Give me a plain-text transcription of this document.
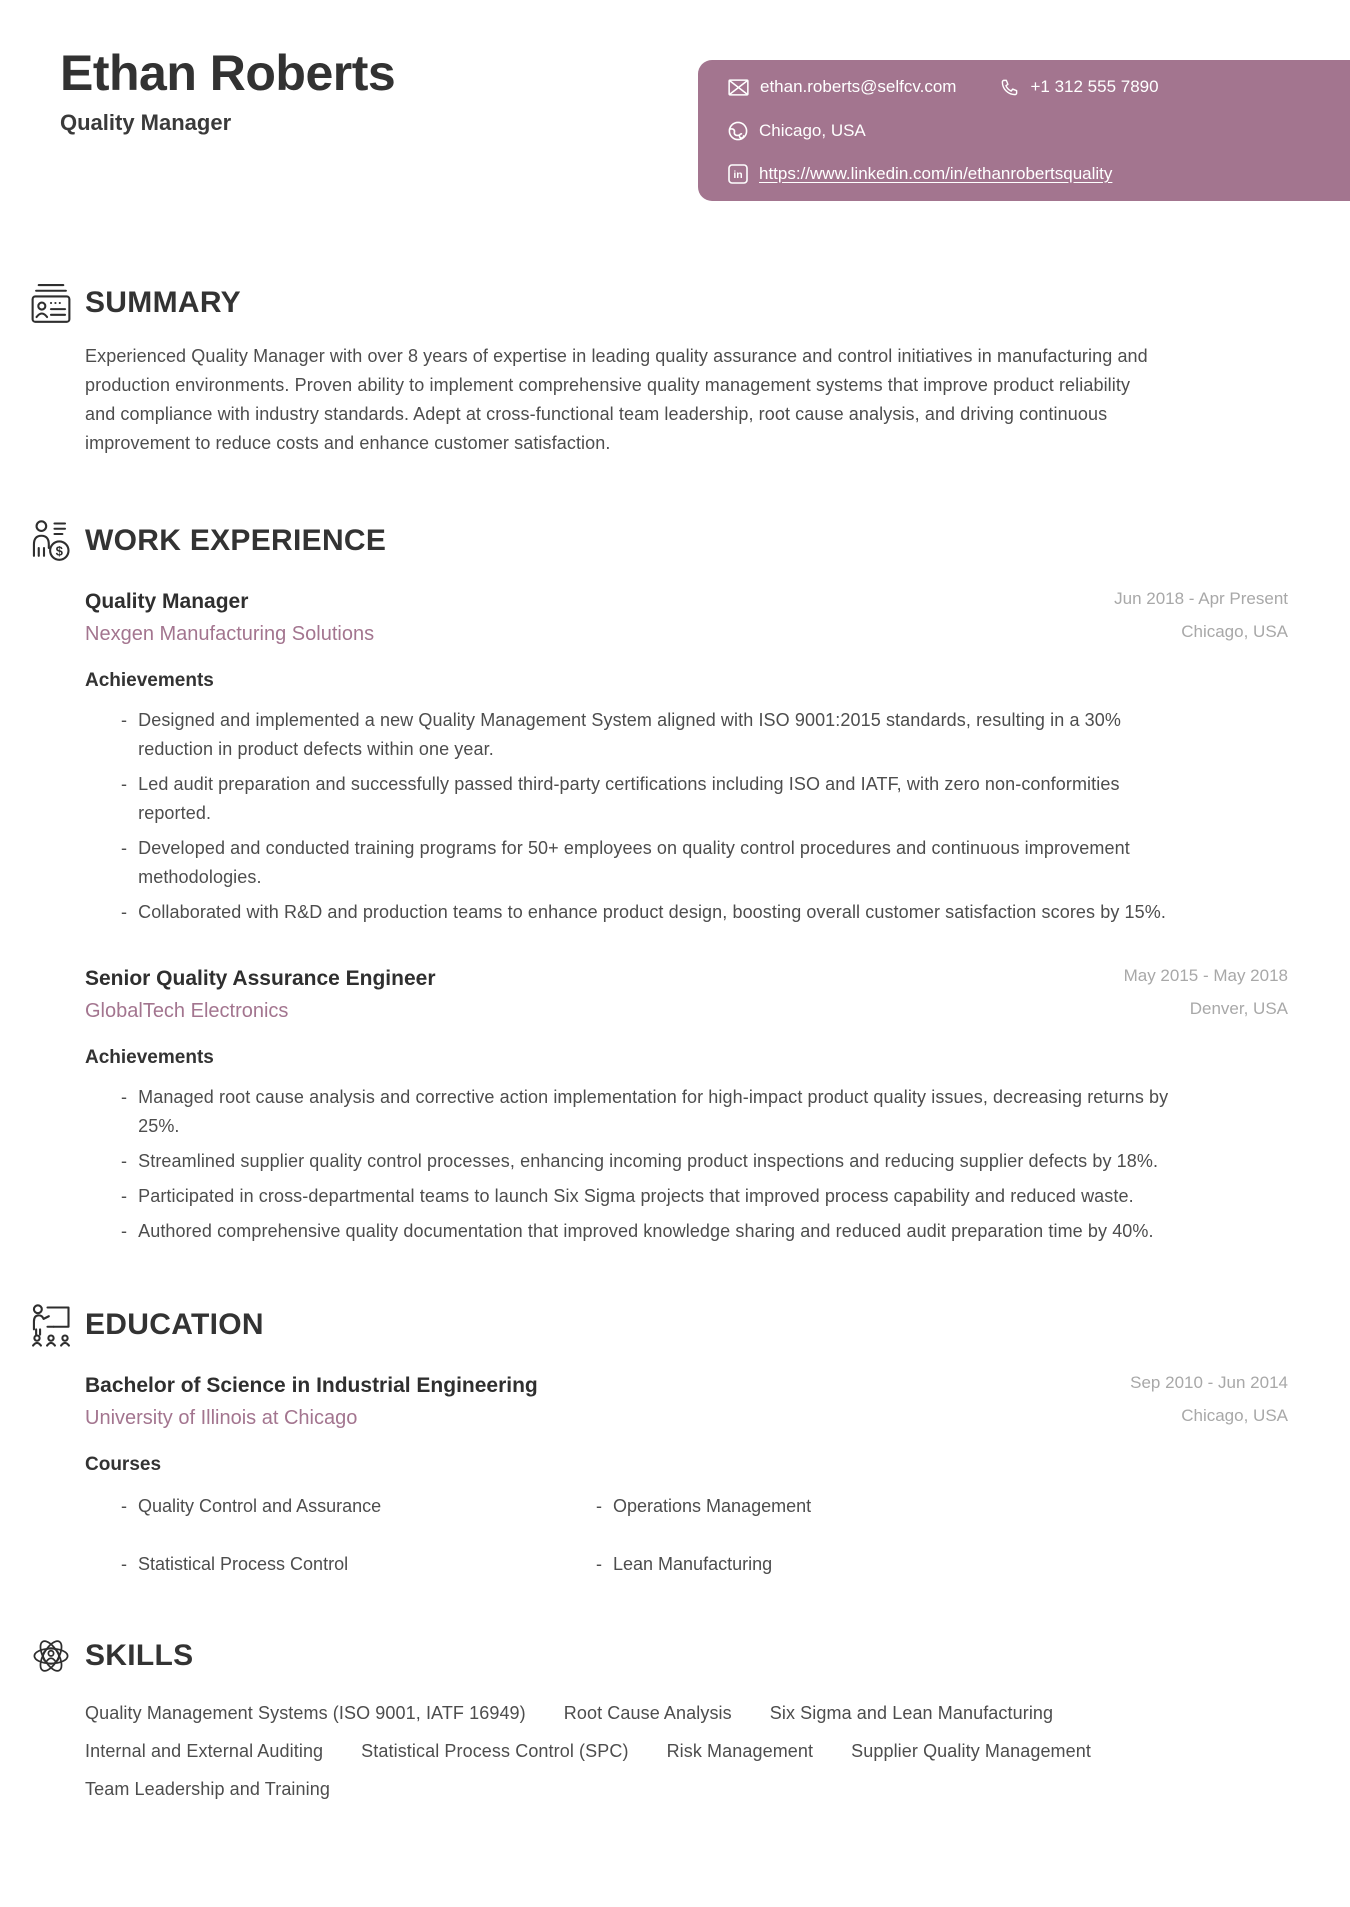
Ethan Roberts
Quality Manager
ethan.roberts@selfcv.com	+1 312 555 7890
Chicago, USA
in https://www.linkedin.com/in/ethanrobertsquality
SUMMARY

Experienced Quality Manager with over 8 years of expertise in leading quality assurance and control initiatives in manufacturing and production environments. Proven ability to implement comprehensive quality management systems that improve product reliability and compliance with industry standards. Adept at cross-functional team leadership, root cause analysis, and driving continuous improvement to reduce costs and enhance customer satisfaction.

$ WORK EXPERIENCE
Quality Manager
Nexgen Manufacturing Solutions
Jun 2018 - Apr Present
Chicago, USA
Achievements
- Designed and implemented a new Quality Management System aligned with ISO 9001:2015 standards, resulting in a 30% reduction in product defects within one year.
- Led audit preparation and successfully passed third-party certifications including ISO and IATF, with zero non-conformities reported.
- Developed and conducted training programs for 50+ employees on quality control procedures and continuous improvement methodologies.
- Collaborated with R&D and production teams to enhance product design, boosting overall customer satisfaction scores by 15%.
Senior Quality Assurance Engineer
GlobalTech Electronics
May 2015 - May 2018
Denver, USA
Achievements
- Managed root cause analysis and corrective action implementation for high-impact product quality issues, decreasing returns by 25%.
- Streamlined supplier quality control processes, enhancing incoming product inspections and reducing supplier defects by 18%.
- Participated in cross-departmental teams to launch Six Sigma projects that improved process capability and reduced waste.
- Authored comprehensive quality documentation that improved knowledge sharing and reduced audit preparation time by 40%.
EDUCATION
Bachelor of Science in Industrial Engineering
University of Illinois at Chicago
Sep 2010 - Jun 2014
Chicago, USA
Courses
- Quality Control and Assurance	- Operations Management
- Statistical Process Control	- Lean Manufacturing
SKILLS
Quality Management Systems (ISO 9001, IATF 16949) Root Cause Analysis Six Sigma and Lean Manufacturing
Internal and External Auditing Statistical Process Control (SPC) Risk Management Supplier Quality Management
Team Leadership and Training
